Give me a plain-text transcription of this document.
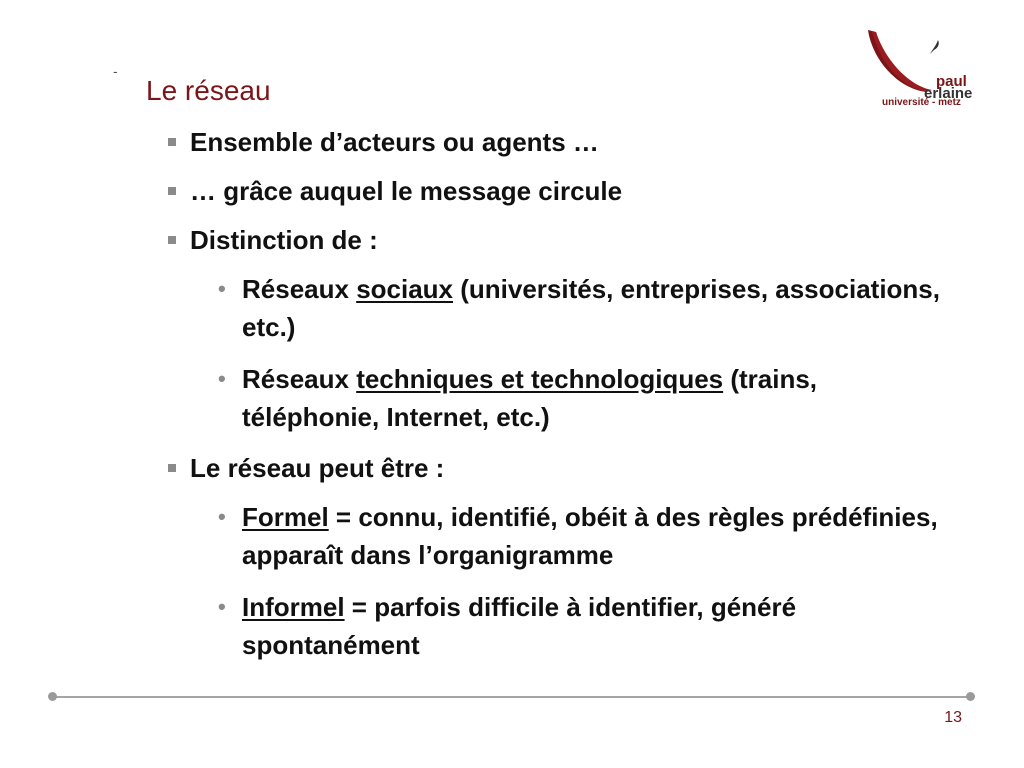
paul
erlaine
université - metz
-
Le réseau
Ensemble d’acteurs ou agents …
… grâce auquel le message circule
Distinction de :
• Réseaux sociaux (universités, entreprises, associations, etc.)
• Réseaux techniques et technologiques (trains, téléphonie, Internet, etc.)
Le réseau peut être :
• Formel = connu, identifié, obéit à des règles prédéfinies, apparaît dans l’organigramme
• Informel = parfois difficile à identifier, généré spontanément
13
